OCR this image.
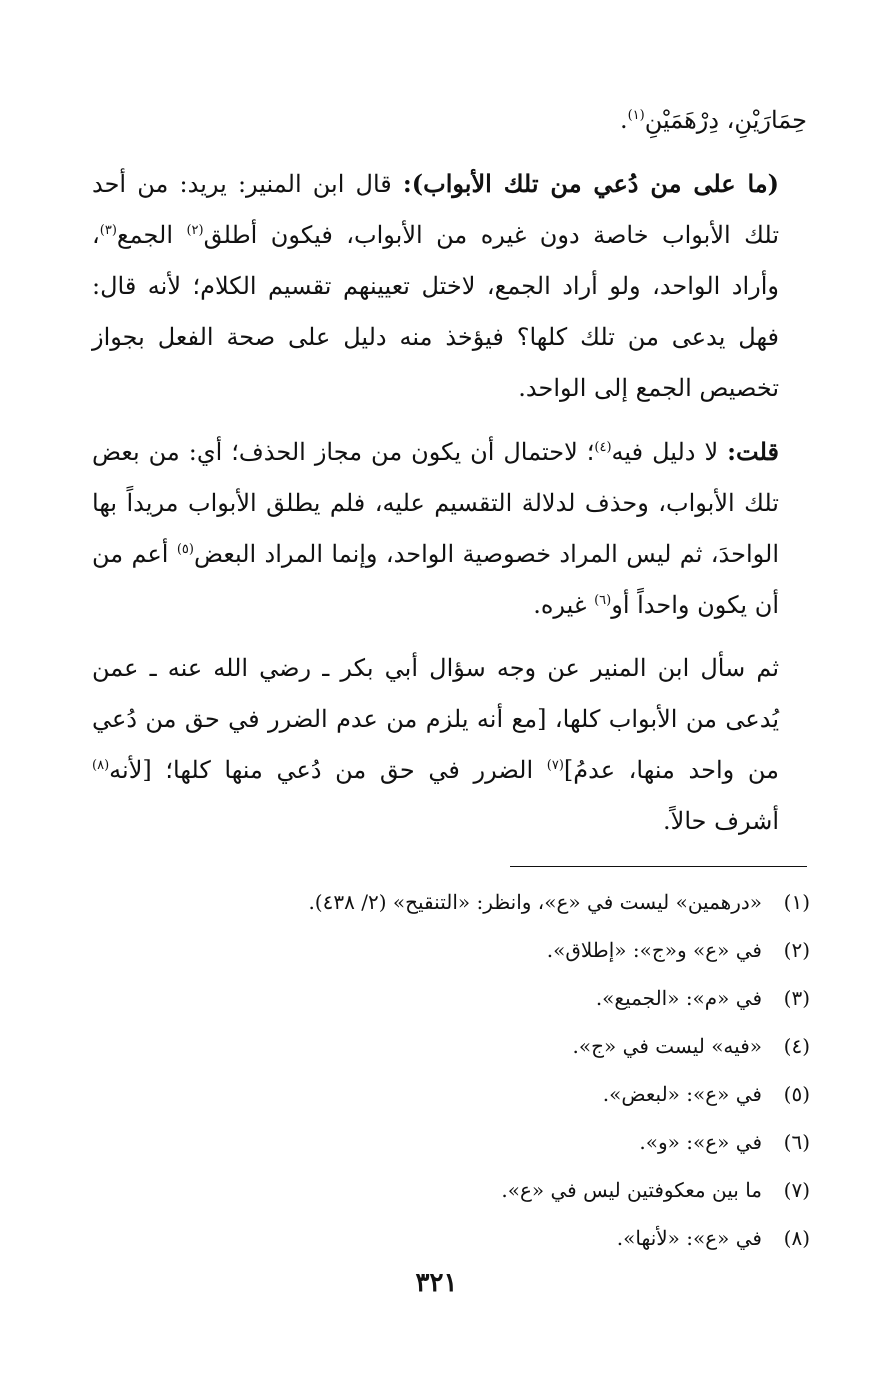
حِمَارَيْنِ، دِرْهَمَيْنِ$^{(١)}$.

(ما على من دُعي من تلك الأبواب): قال ابن المنير: يريد: من أحد تلك الأبواب خاصة دون غيره من الأبواب، فيكون أطلق$^{(٢)}$ الجمع$^{(٣)}$، وأراد الواحد، ولو أراد الجمع، لاختل تعيينهم تقسيم الكلام؛ لأنه قال: فهل يدعى من تلك كلها؟ فيؤخذ منه دليل على صحة الفعل بجواز تخصيص الجمع إلى الواحد.

قلت: لا دليل فيه$^{(٤)}$؛ لاحتمال أن يكون من مجاز الحذف؛ أي: من بعض تلك الأبواب، وحذف لدلالة التقسيم عليه، فلم يطلق الأبواب مريداً بها الواحدَ، ثم ليس المراد خصوصية الواحد، وإنما المراد البعض$^{(٥)}$ أعم من أن يكون واحداً أو$^{(٦)}$ غيره.

ثم سأل ابن المنير عن وجه سؤال أبي بكر ـ رضي الله عنه ـ عمن يُدعى من الأبواب كلها، [مع أنه يلزم من عدم الضرر في حق من دُعي من واحد منها، عدمُ]$^{(٧)}$ الضرر في حق من دُعي منها كلها؛ [لأنه$^{(٨)}$ أشرف حالاً.

(١)
«درهمين» ليست في «ع»، وانظر: «التنقيح» (٢/ ٤٣٨).
(٢)
في «ع» و«ج»: «إطلاق».
(٣)
في «م»: «الجميع».
(٤)
«فيه» ليست في «ج».
(٥)
في «ع»: «لبعض».
(٦)
في «ع»: «و».
(٧)
ما بين معكوفتين ليس في «ع».
(٨)
في «ع»: «لأنها».
٣٢١
